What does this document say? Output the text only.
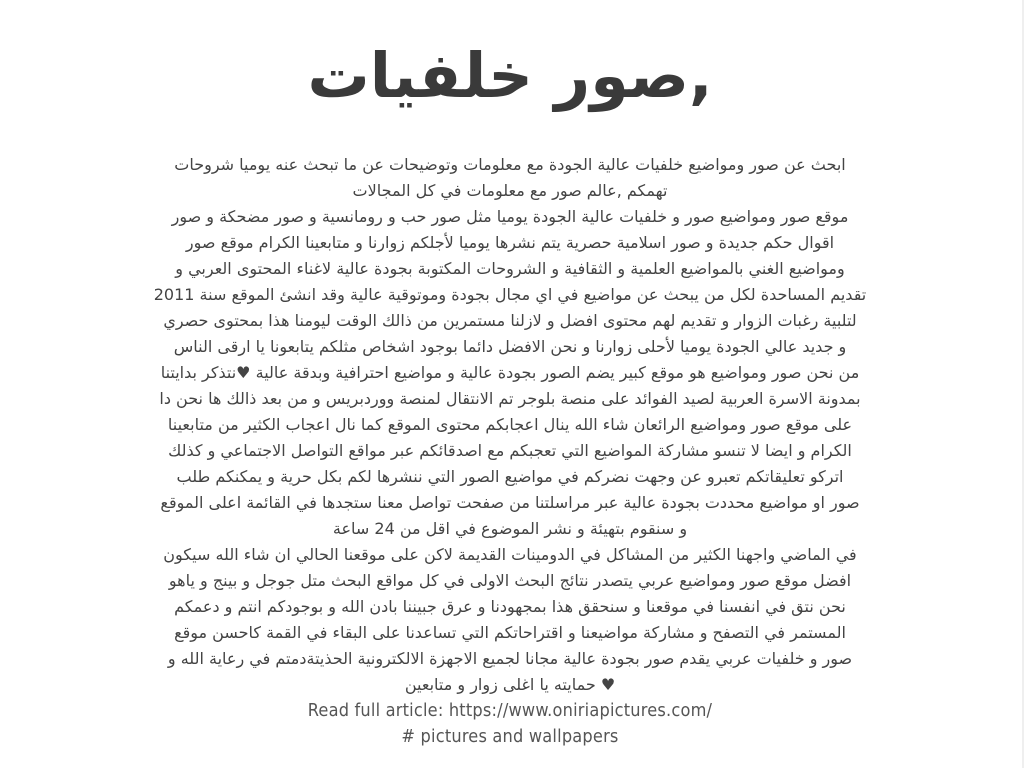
,صور خلفيات
ابحث عن صور ومواضيع خلفيات عالية الجودة مع معلومات وتوضيحات عن ما تبحث عنه يوميا شروحات
تهمكم ,عالم صور مع معلومات في كل المجالات
موقع صور ومواضيع صور و خلفيات عالية الجودة يوميا مثل صور حب و رومانسية و صور مضحكة و صور
اقوال حكم جديدة و صور اسلامية حصرية يتم نشرها يوميا لأجلكم زوارنا و متابعينا الكرام موقع صور
ومواضيع الغني بالمواضيع العلمية و الثقافية و الشروحات المكتوبة بجودة عالية لاغناء المحتوى العربي و
تقديم المساحدة لكل من يبحث عن مواضيع في اي مجال بجودة وموتوقية عالية وقد انشئ الموقع سنة 2011
لتلبية رغبات الزوار و تقديم لهم محتوى افضل و لازلنا مستمرين من ذالك الوقت ليومنا هذا بمحتوى حصري
و جديد عالي الجودة يوميا لأحلى زوارنا و نحن الافضل دائما بوجود اشخاص مثلكم يتابعونا يا ارقى الناس
من نحن صور ومواضيع هو موقع كبير يضم الصور بجودة عالية و مواضيع احترافية وبدقة عالية ♥نتذكر بدايتنا
بمدونة الاسرة العربية لصيد الفوائد على منصة بلوجر تم الانتقال لمنصة ووردبريس و من بعد ذالك ها نحن دا
على موقع صور ومواضيع الرائعان شاء الله ينال اعجابكم محتوى الموقع كما نال اعجاب الكثير من متابعينا
الكرام و ايضا لا تنسو مشاركة المواضيع التي تعجبكم مع اصدقائكم عبر مواقع التواصل الاجتماعي و كذلك
اتركو تعليقاتكم تعبرو عن وجهت نضركم في مواضيع الصور التي ننشرها لكم بكل حرية و يمكنكم طلب
صور او مواضيع محددت بجودة عالية عبر مراسلتنا من صفحت تواصل معنا ستجدها في القائمة اعلى الموقع
و سنقوم بتهيئة و نشر الموضوع في اقل من 24 ساعة
في الماضي واجهنا الكثير من المشاكل في الدومينات القديمة لاكن على موقعنا الحالي ان شاء الله سيكون
افضل موقع صور ومواضيع عربي يتصدر نتائج البحث الاولى في كل مواقع البحث متل جوجل و بينج و ياهو
نحن نتق في انفسنا في موقعنا و سنحقق هذا بمجهودنا و عرق جبيننا بادن الله و بوجودكم انتم و دعمكم
المستمر في التصفح و مشاركة مواضيعنا و اقتراحاتكم التي تساعدنا على البقاء في القمة كاحسن موقع
صور و خلفيات عربي يقدم صور بجودة عالية مجانا لجميع الاجهزة الالكترونية الحذيتةدمتم في رعاية الله و
♥ حمايته يا اغلى زوار و متابعين

Read full article: https://www.oniriapictures.com/

# pictures and wallpapers
